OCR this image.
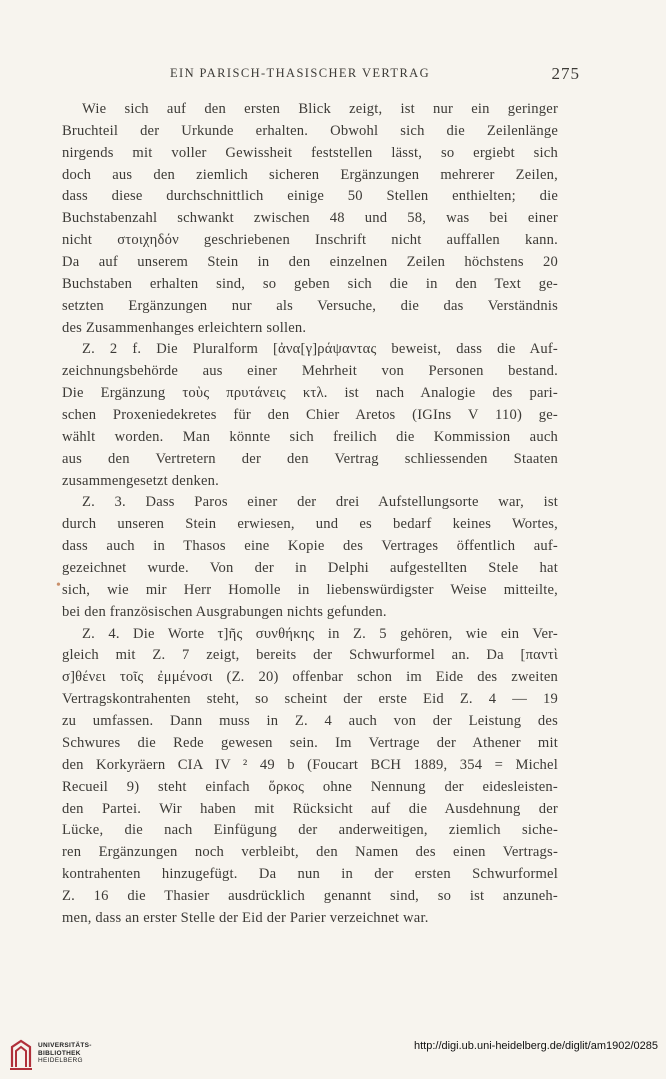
EIN PARISCH-THASISCHER VERTRAG	275
•
Wie sich auf den ersten Blick zeigt, ist nur ein geringer
Bruchteil der Urkunde erhalten. Obwohl sich die Zeilenlänge
nirgends mit voller Gewissheit feststellen lässt, so ergiebt sich
doch aus den ziemlich sicheren Ergänzungen mehrerer Zeilen,
dass diese durchschnittlich einige 50 Stellen enthielten; die
Buchstabenzahl schwankt zwischen 48 und 58, was bei einer
nicht στοιχηδόν geschriebenen Inschrift nicht auffallen kann.
Da auf unserem Stein in den einzelnen Zeilen höchstens 20
Buchstaben erhalten sind, so geben sich die in den Text ge-
setzten Ergänzungen nur als Versuche, die das Verständnis
des Zusammenhanges erleichtern sollen.
Z. 2 f. Die Pluralform [ἀνα[γ]ράψαντας beweist, dass die Auf-
zeichnungsbehörde aus einer Mehrheit von Personen bestand.
Die Ergänzung τοὺς πρυτάνεις κτλ. ist nach Analogie des pari-
schen Proxeniedekretes für den Chier Aretos (IGIns V 110) ge-
wählt worden. Man könnte sich freilich die Kommission auch
aus den Vertretern der den Vertrag schliessenden Staaten
zusammengesetzt denken.
Z. 3. Dass Paros einer der drei Aufstellungsorte war, ist
durch unseren Stein erwiesen, und es bedarf keines Wortes,
dass auch in Thasos eine Kopie des Vertrages öffentlich auf-
gezeichnet wurde. Von der in Delphi aufgestellten Stele hat
sich, wie mir Herr Homolle in liebenswürdigster Weise mitteilte,
bei den französischen Ausgrabungen nichts gefunden.
Z. 4. Die Worte τ]ῆς συνθήκης in Z. 5 gehören, wie ein Ver-
gleich mit Z. 7 zeigt, bereits der Schwurformel an. Da [παντὶ
σ]θένει τοῖς ἐμμένοσι (Z. 20) offenbar schon im Eide des zweiten
Vertragskontrahenten steht, so scheint der erste Eid Z. 4 — 19
zu umfassen. Dann muss in Z. 4 auch von der Leistung des
Schwures die Rede gewesen sein. Im Vertrage der Athener mit
den Korkyräern CIA IV ² 49 b (Foucart BCH 1889, 354 = Michel
Recueil 9) steht einfach ὅρκος ohne Nennung der eidesleisten-
den Partei. Wir haben mit Rücksicht auf die Ausdehnung der
Lücke, die nach Einfügung der anderweitigen, ziemlich siche-
ren Ergänzungen noch verbleibt, den Namen des einen Vertrags-
kontrahenten hinzugefügt. Da nun in der ersten Schwurformel
Z. 16 die Thasier ausdrücklich genannt sind, so ist anzuneh-
men, dass an erster Stelle der Eid der Parier verzeichnet war.
UNIVERSITÄTS-
BIBLIOTHEK
HEIDELBERG
http://digi.ub.uni-heidelberg.de/diglit/am1902/0285
